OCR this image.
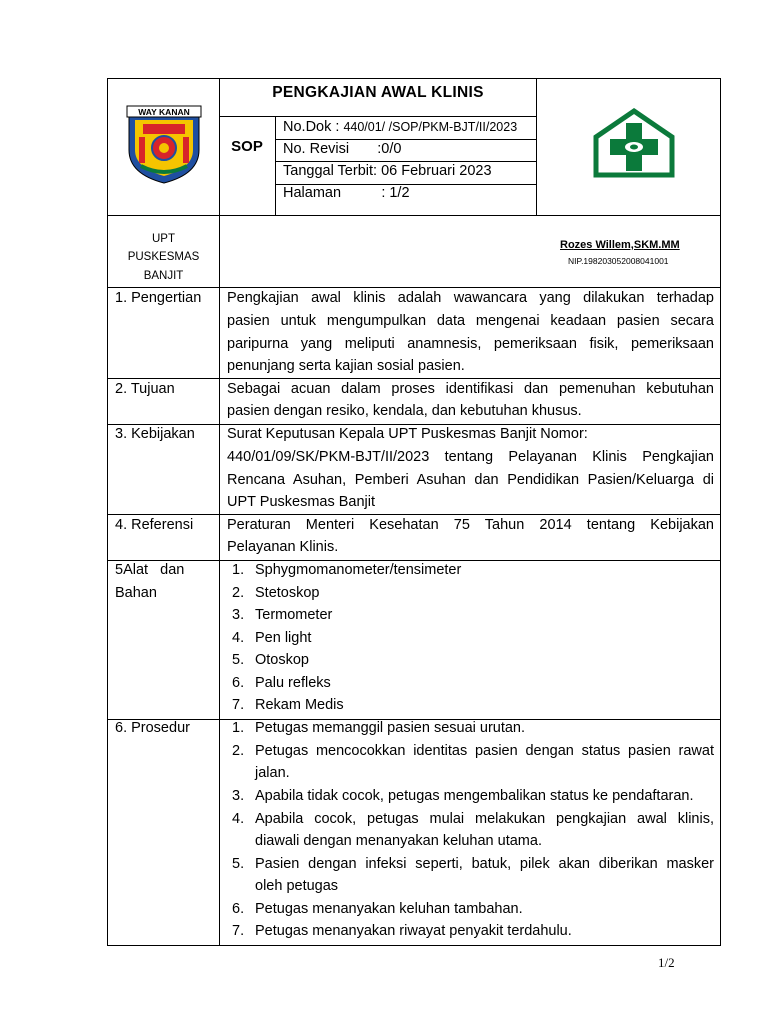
WAY KANAN
PENGKAJIAN AWAL KLINIS
SOP
No.Dok : 440/01/ /SOP/PKM-BJT/II/2023
No. Revisi       :0/0
Tanggal Terbit: 06 Februari 2023
Halaman          : 1/2
UPT
PUSKESMAS
BANJIT
Rozes Willem,SKM.MM
NIP.198203052008041001
1. Pengertian Pengkajian awal klinis adalah wawancara yang dilakukan terhadap
pasien untuk mengumpulkan data mengenai keadaan pasien secara
paripurna yang meliputi anamnesis, pemeriksaan fisik, pemeriksaan
penunjang serta kajian sosial pasien.
2. Tujuan	Sebagai acuan dalam proses identifikasi dan pemenuhan kebutuhan
pasien dengan resiko, kendala, dan kebutuhan khusus.
3. Kebijakan Surat Keputusan Kepala UPT Puskesmas Banjit Nomor:
440/01/09/SK/PKM-BJT/II/2023 tentang Pelayanan Klinis Pengkajian
Rencana Asuhan, Pemberi Asuhan dan Pendidikan Pasien/Keluarga di
UPT Puskesmas Banjit
4. Referensi Peraturan Menteri Kesehatan 75 Tahun 2014 tentang Kebijakan
Pelayanan Klinis.
5Alat   dan
Bahan
1. Sphygmomanometer/tensimeter
2. Stetoskop
3. Termometer
4. Pen light
5. Otoskop
6. Palu refleks
7. Rekam Medis
6. Prosedur	1. Petugas memanggil pasien sesuai urutan.
2. Petugas mencocokkan identitas pasien dengan status pasien rawat
jalan.
3. Apabila tidak cocok, petugas mengembalikan status ke pendaftaran.
4. Apabila cocok, petugas mulai melakukan pengkajian awal klinis,
diawali dengan menanyakan keluhan utama.
5. Pasien dengan infeksi seperti, batuk, pilek akan diberikan masker
oleh petugas
6. Petugas menanyakan keluhan tambahan.
7. Petugas menanyakan riwayat penyakit terdahulu.
1/2
